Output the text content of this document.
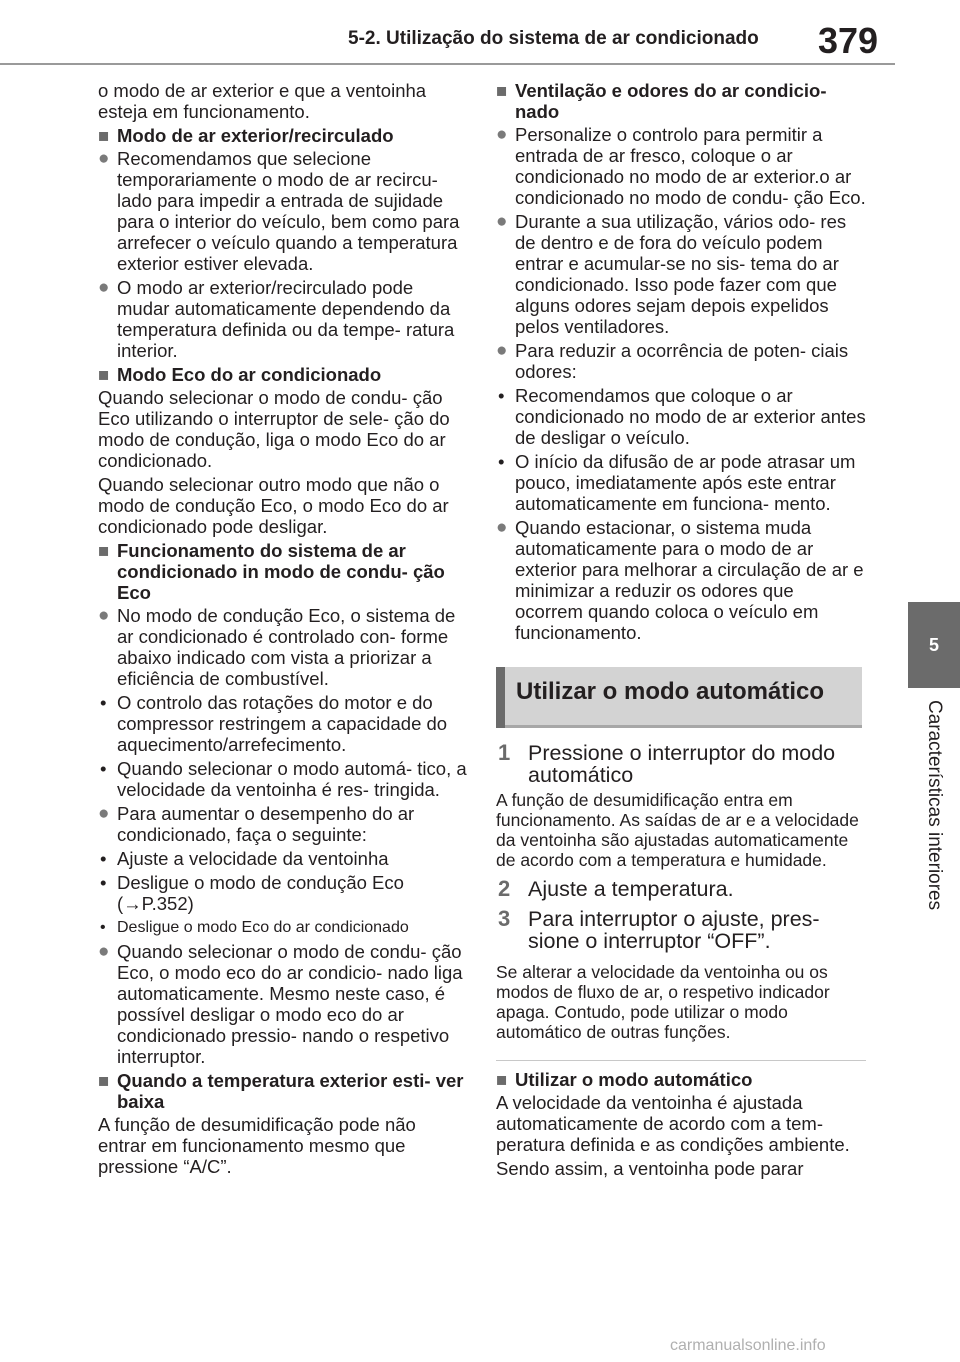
5-2. Utilização do sistema de ar condicionado 379
5
Características interiores

o modo de ar exterior e que a ventoinha esteja em funcionamento.

■ Modo de ar exterior/recirculado
● Recomendamos que selecione temporariamente o modo de ar recircu- lado para impedir a entrada de sujidade para o interior do veículo, bem como para arrefecer o veículo quando a temperatura exterior estiver elevada.
● O modo ar exterior/recirculado pode mudar automaticamente dependendo da temperatura definida ou da tempe- ratura interior.
■ Modo Eco do ar condicionado

Quando selecionar o modo de condu- ção Eco utilizando o interruptor de sele- ção do modo de condução, liga o modo Eco do ar condicionado.

Quando selecionar outro modo que não o modo de condução Eco, o modo Eco do ar condicionado pode desligar.

■ Funcionamento do sistema de ar condicionado in modo de condu- ção Eco
● No modo de condução Eco, o sistema de ar condicionado é controlado con- forme abaixo indicado com vista a priorizar a eficiência de combustível.
• O controlo das rotações do motor e do compressor restringem a capacidade do aquecimento/arrefecimento.
• Quando selecionar o modo automá- tico, a velocidade da ventoinha é res- tringida.
● Para aumentar o desempenho do ar condicionado, faça o seguinte:
• Ajuste a velocidade da ventoinha
• Desligue o modo de condução Eco (→P.352)
• Desligue o modo Eco do ar condicionado
● Quando selecionar o modo de condu- ção Eco, o modo eco do ar condicio- nado liga automaticamente. Mesmo neste caso, é possível desligar o modo eco do ar condicionado pressio- nando o respetivo interruptor.
■ Quando a temperatura exterior esti- ver baixa

A função de desumidificação pode não entrar em funcionamento mesmo que pressione “A/C”.

■ Ventilação e odores do ar condicio- nado
● Personalize o controlo para permitir a entrada de ar fresco, coloque o ar condicionado no modo de ar exterior.o ar condicionado no modo de condu- ção Eco.
● Durante a sua utilização, vários odo- res de dentro e de fora do veículo podem entrar e acumular-se no sis- tema do ar condicionado. Isso pode fazer com que alguns odores sejam depois expelidos pelos ventiladores.
● Para reduzir a ocorrência de poten- ciais odores:
• Recomendamos que coloque o ar condicionado no modo de ar exterior antes de desligar o veículo.
• O início da difusão de ar pode atrasar um pouco, imediatamente após este entrar automaticamente em funciona- mento.
● Quando estacionar, o sistema muda automaticamente para o modo de ar exterior para melhorar a circulação de ar e minimizar a reduzir os odores que ocorrem quando coloca o veículo em funcionamento.
Utilizar o modo automático
1 Pressione o interruptor do modo automático

A função de desumidificação entra em funcionamento. As saídas de ar e a velocidade da ventoinha são ajustadas automaticamente de acordo com a temperatura e humidade.

2 Ajuste a temperatura.
3 Para interruptor o ajuste, pres- sione o interruptor “OFF”.

Se alterar a velocidade da ventoinha ou os modos de fluxo de ar, o respetivo indicador apaga. Contudo, pode utilizar o modo automático de outras funções.

■ Utilizar o modo automático

A velocidade da ventoinha é ajustada automaticamente de acordo com a tem- peratura definida e as condições ambiente.

Sendo assim, a ventoinha pode parar

carmanualsonline.info
